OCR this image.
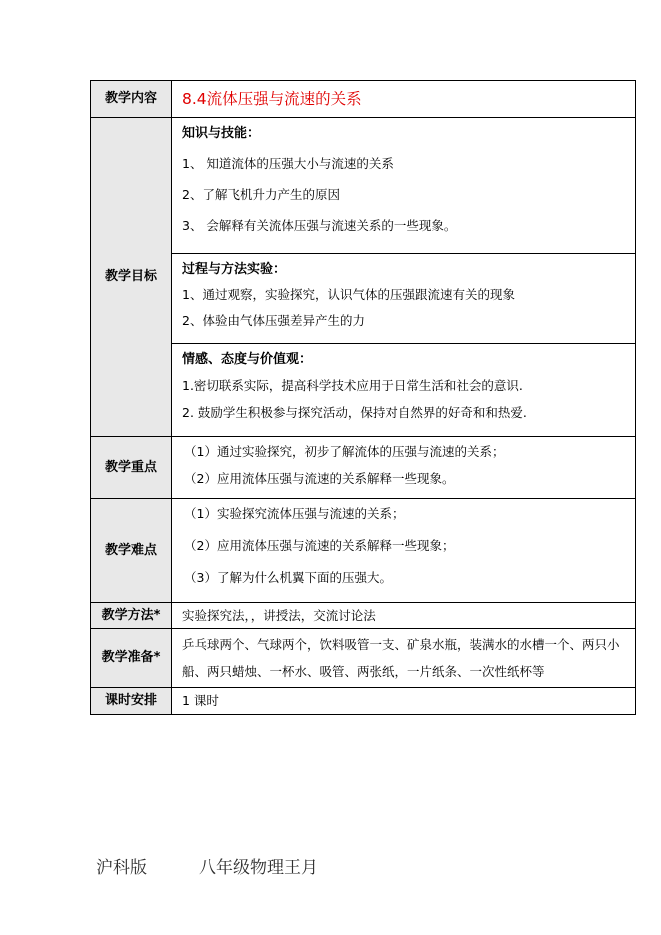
教学内容	8.4流体压强与流速的关系
教学目标	知识与技能：
1、 知道流体的压强大小与流速的关系
2、了解飞机升力产生的原因
3、 会解释有关流体压强与流速关系的一些现象。

	过程与方法实验：
1、通过观察，实验探究，认识气体的压强跟流速有关的现象
2、体验由气体压强差异产生的力

	情感、态度与价值观：
1.密切联系实际，提高科学技术应用于日常生活和社会的意识.
2. 鼓励学生积极参与探究活动，保持对自然界的好奇和和热爱.

教学重点	（1）通过实验探究，初步了解流体的压强与流速的关系；
（2）应用流体压强与流速的关系解释一些现象。

教学难点	（1）实验探究流体压强与流速的关系；
（2）应用流体压强与流速的关系解释一些现象；
（3）了解为什么机翼下面的压强大。

教学方法*	实验探究法，，讲授法，交流讨论法
教学准备*	乒乓球两个、气球两个，饮料吸管一支、矿泉水瓶，装满水的水槽一个、两只小船、两只蜡烛、一杯水、吸管、两张纸，一片纸条、一次性纸杯等

课时安排	1 课时
沪科版	八年级物理王月
